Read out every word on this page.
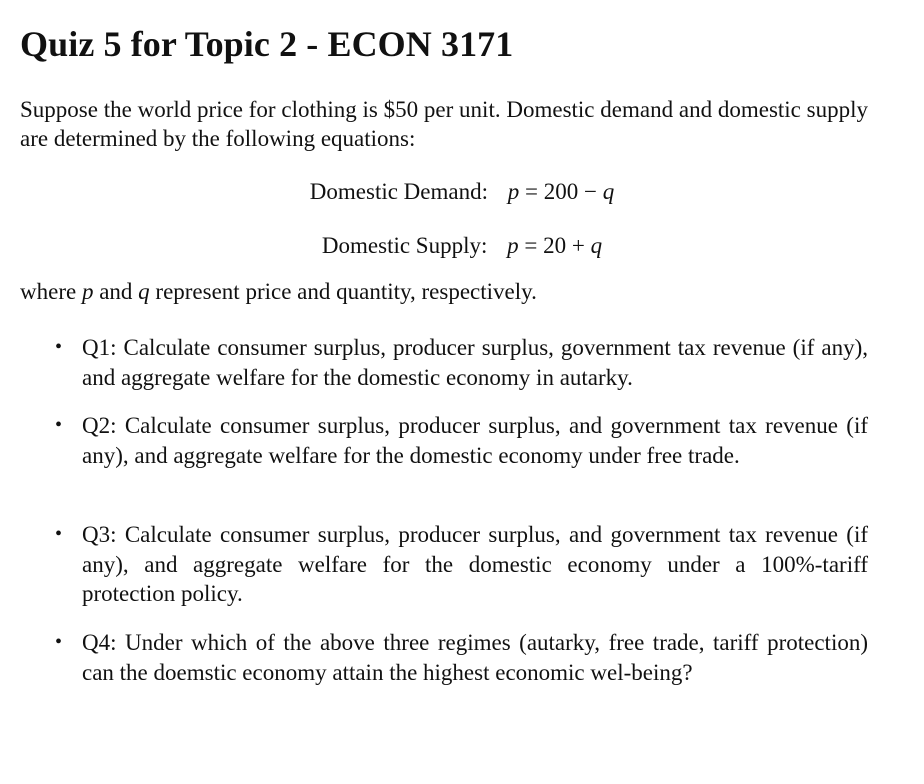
Quiz 5 for Topic 2 - ECON 3171
Suppose the world price for clothing is $50 per unit. Domestic demand and domestic supply are determined by the following equations:
Domestic Demand: p = 200 − q
Domestic Supply: p = 20 + q
where p and q represent price and quantity, respectively.
• Q1: Calculate consumer surplus, producer surplus, government tax revenue (if any), and aggregate welfare for the domestic economy in autarky.
• Q2: Calculate consumer surplus, producer surplus, and government tax revenue (if any), and aggregate welfare for the domestic economy under free trade.
• Q3: Calculate consumer surplus, producer surplus, and government tax revenue (if any), and aggregate welfare for the domestic economy under a 100%-tariff protection policy.
• Q4: Under which of the above three regimes (autarky, free trade, tariff protection) can the doemstic economy attain the highest economic wel-being?
